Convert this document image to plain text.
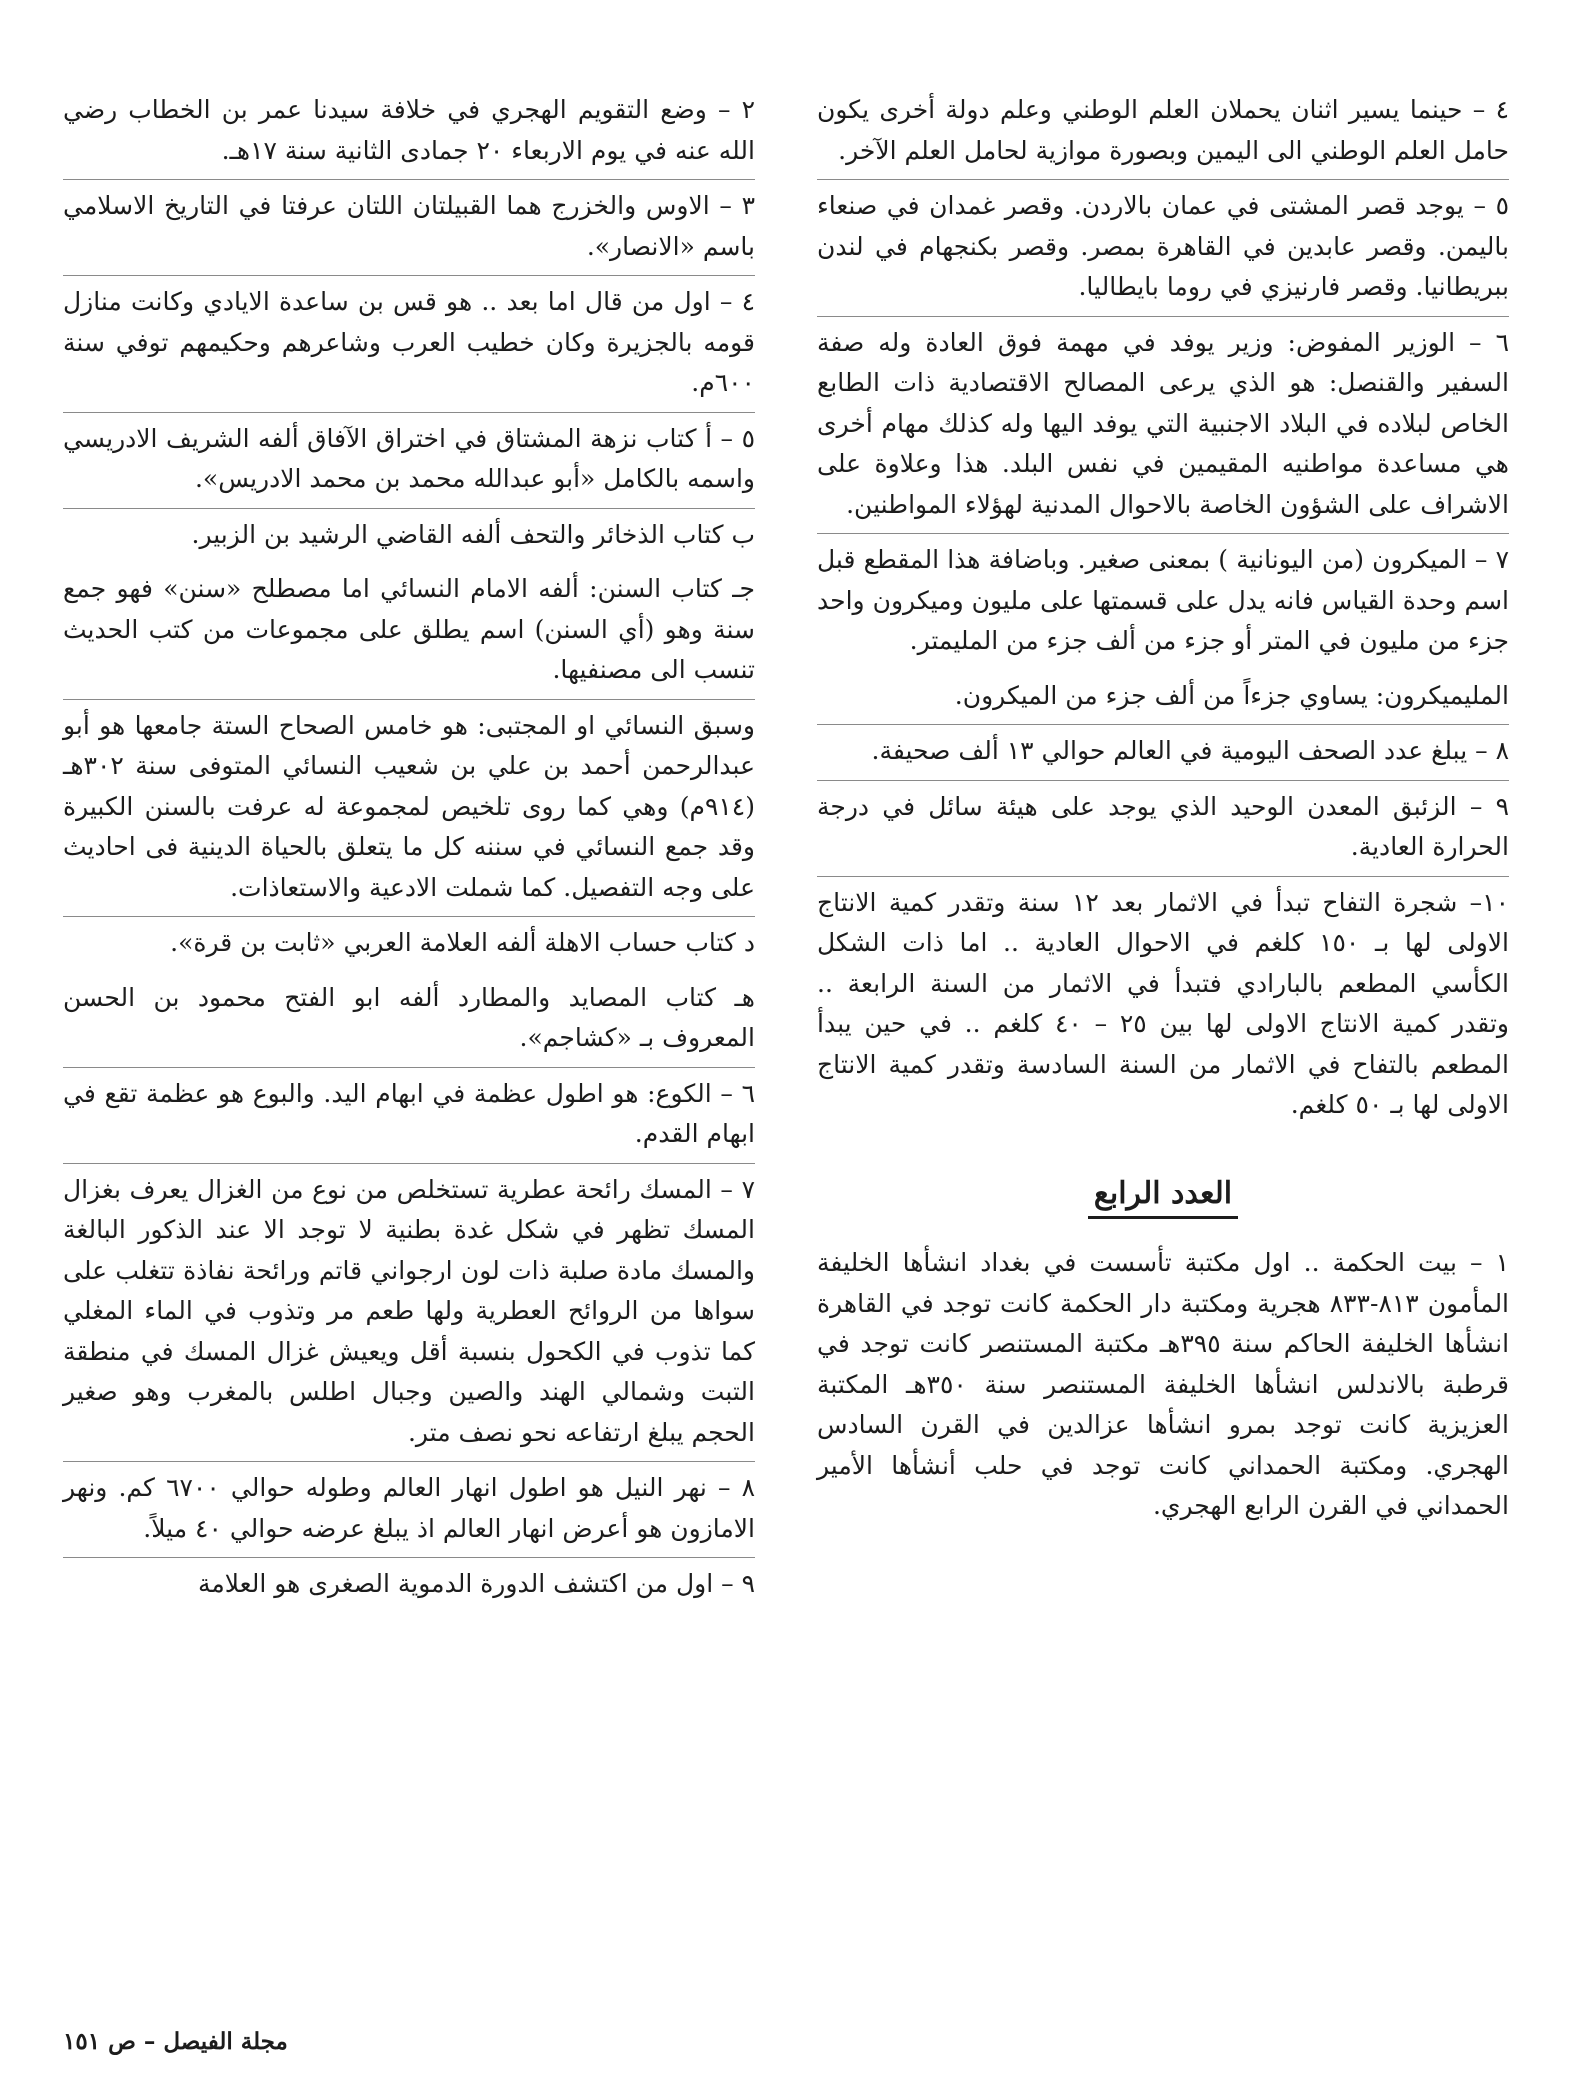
٤ – حينما يسير اثنان يحملان العلم الوطني وعلم دولة أخرى يكون حامل العلم الوطني الى اليمين وبصورة موازية لحامل العلم الآخر.

٥ – يوجد قصر المشتى في عمان بالاردن. وقصر غمدان في صنعاء باليمن. وقصر عابدين في القاهرة بمصر. وقصر بكنجهام في لندن ببريطانيا. وقصر فارنيزي في روما بايطاليا.

٦ – الوزير المفوض: وزير يوفد في مهمة فوق العادة وله صفة السفير والقنصل: هو الذي يرعى المصالح الاقتصادية ذات الطابع الخاص لبلاده في البلاد الاجنبية التي يوفد اليها وله كذلك مهام أخرى هي مساعدة مواطنيه المقيمين في نفس البلد. هذا وعلاوة على الاشراف على الشؤون الخاصة بالاحوال المدنية لهؤلاء المواطنين.

٧ – الميكرون (من اليونانية ) بمعنى صغير. وباضافة هذا المقطع قبل اسم وحدة القياس فانه يدل على قسمتها على مليون وميكرون واحد جزء من مليون في المتر أو جزء من ألف جزء من المليمتر.

المليميكرون: يساوي جزءاً من ألف جزء من الميكرون.

٨ – يبلغ عدد الصحف اليومية في العالم حوالي ١٣ ألف صحيفة.

٩ – الزئبق المعدن الوحيد الذي يوجد على هيئة سائل في درجة الحرارة العادية.

١٠– شجرة التفاح تبدأ في الاثمار بعد ١٢ سنة وتقدر كمية الانتاج الاولى لها بـ ١٥٠ كلغم في الاحوال العادية .. اما ذات الشكل الكأسي المطعم بالبارادي فتبدأ في الاثمار من السنة الرابعة .. وتقدر كمية الانتاج الاولى لها بين ٢٥ – ٤٠ كلغم .. في حين يبدأ المطعم بالتفاح في الاثمار من السنة السادسة وتقدر كمية الانتاج الاولى لها بـ ٥٠ كلغم.

العدد الرابع

١ – بيت الحكمة .. اول مكتبة تأسست في بغداد انشأها الخليفة المأمون ٨١٣-٨٣٣ هجرية ومكتبة دار الحكمة كانت توجد في القاهرة انشأها الخليفة الحاكم سنة ٣٩٥هـ مكتبة المستنصر كانت توجد في قرطبة بالاندلس انشأها الخليفة المستنصر سنة ٣٥٠هـ المكتبة العزيزية كانت توجد بمرو انشأها عزالدين في القرن السادس الهجري. ومكتبة الحمداني كانت توجد في حلب أنشأها الأمير الحمداني في القرن الرابع الهجري.

٢ – وضع التقويم الهجري في خلافة سيدنا عمر بن الخطاب رضي الله عنه في يوم الاربعاء ٢٠ جمادى الثانية سنة ١٧هـ.

٣ – الاوس والخزرج هما القبيلتان اللتان عرفتا في التاريخ الاسلامي باسم «الانصار».

٤ – اول من قال اما بعد .. هو قس بن ساعدة الايادي وكانت منازل قومه بالجزيرة وكان خطيب العرب وشاعرهم وحكيمهم توفي سنة ٦٠٠م.

٥ – أ كتاب نزهة المشتاق في اختراق الآفاق ألفه الشريف الادريسي واسمه بالكامل «أبو عبدالله محمد بن محمد الادريس».

ب كتاب الذخائر والتحف ألفه القاضي الرشيد بن الزبير.

جـ كتاب السنن: ألفه الامام النسائي اما مصطلح «سنن» فهو جمع سنة وهو (أي السنن) اسم يطلق على مجموعات من كتب الحديث تنسب الى مصنفيها.

وسبق النسائي او المجتبى: هو خامس الصحاح الستة جامعها هو أبو عبدالرحمن أحمد بن علي بن شعيب النسائي المتوفى سنة ٣٠٢هـ (٩١٤م) وهي كما روى تلخيص لمجموعة له عرفت بالسنن الكبيرة وقد جمع النسائي في سننه كل ما يتعلق بالحياة الدينية فى احاديث على وجه التفصيل. كما شملت الادعية والاستعاذات.

د كتاب حساب الاهلة ألفه العلامة العربي «ثابت بن قرة».

هـ كتاب المصايد والمطارد ألفه ابو الفتح محمود بن الحسن المعروف بـ «كشاجم».

٦ – الكوع: هو اطول عظمة في ابهام اليد. والبوع هو عظمة تقع في ابهام القدم.

٧ – المسك رائحة عطرية تستخلص من نوع من الغزال يعرف بغزال المسك تظهر في شكل غدة بطنية لا توجد الا عند الذكور البالغة والمسك مادة صلبة ذات لون ارجواني قاتم ورائحة نفاذة تتغلب على سواها من الروائح العطرية ولها طعم مر وتذوب في الماء المغلي كما تذوب في الكحول بنسبة أقل ويعيش غزال المسك في منطقة التبت وشمالي الهند والصين وجبال اطلس بالمغرب وهو صغير الحجم يبلغ ارتفاعه نحو نصف متر.

٨ – نهر النيل هو اطول انهار العالم وطوله حوالي ٦٧٠٠ كم. ونهر الامازون هو أعرض انهار العالم اذ يبلغ عرضه حوالي ٤٠ ميلاً.

٩ – اول من اكتشف الدورة الدموية الصغرى هو العلامة

مجلة الفيصل – ص ١٥١
